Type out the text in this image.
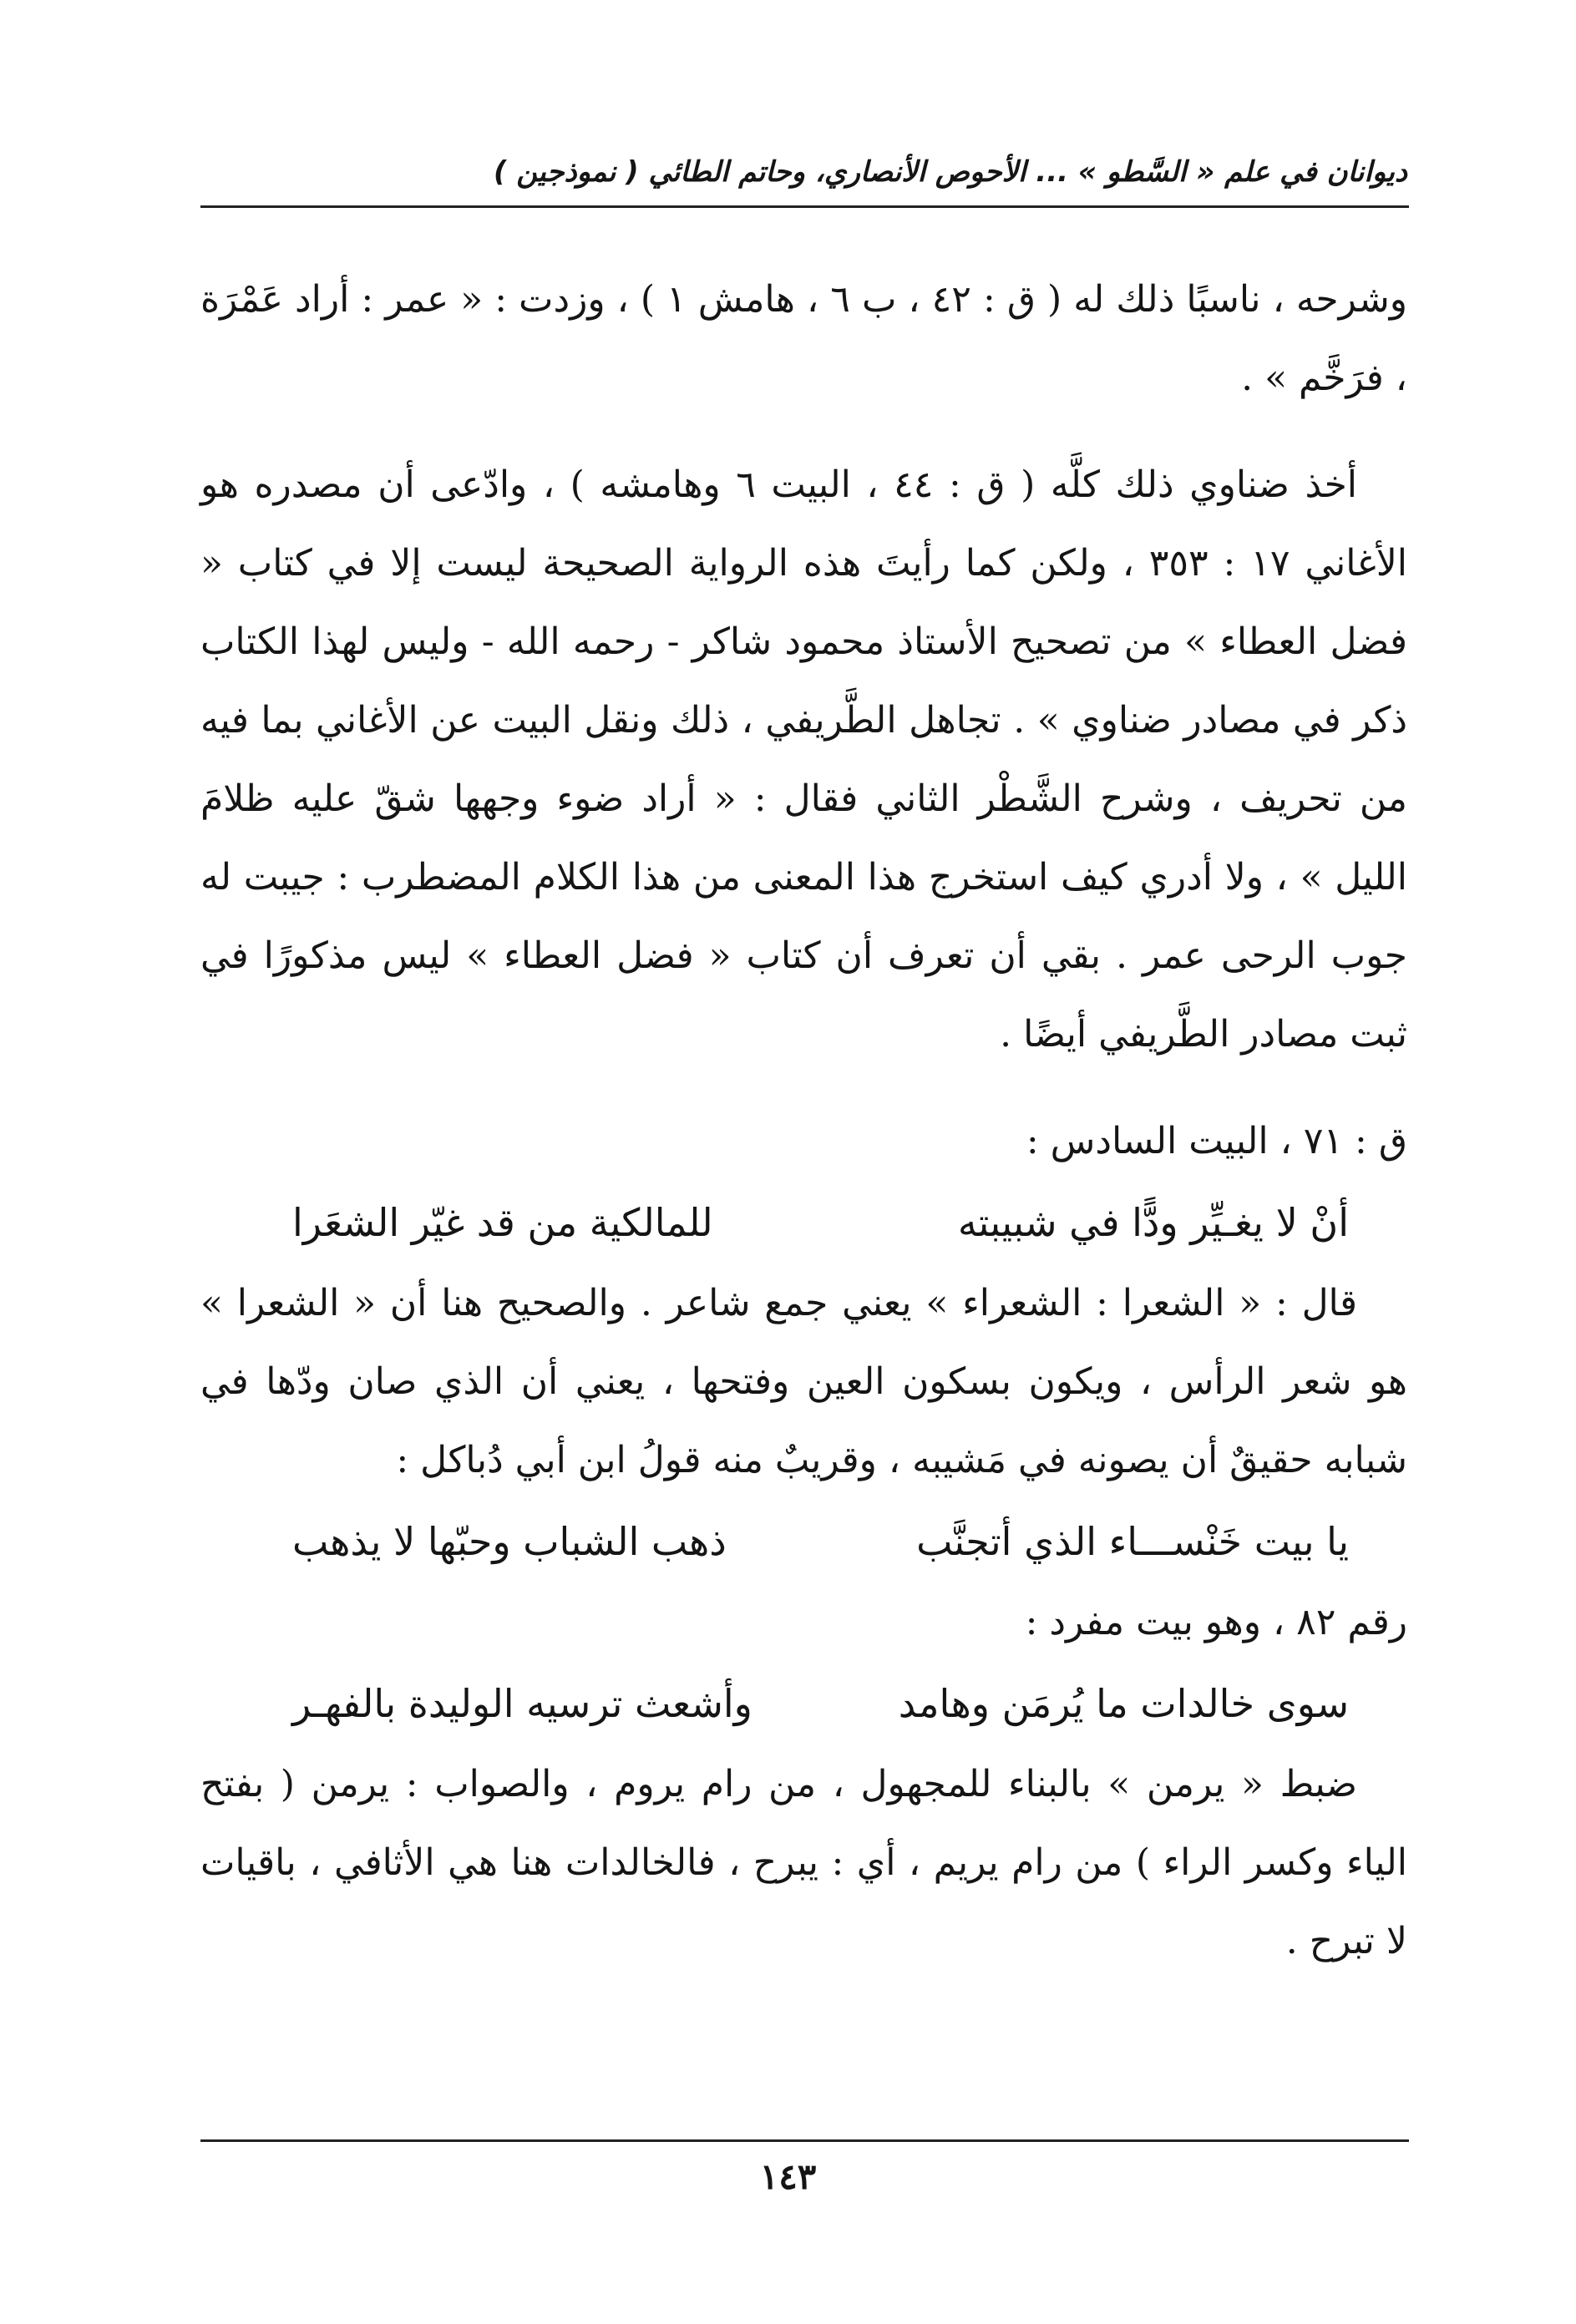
ديوانان في علم « السَّطو » ... الأحوص الأنصاري، وحاتم الطائي ( نموذجين )

وشرحه ، ناسبًا ذلك له ( ق : ٤٢ ، ب ٦ ، هامش ١ ) ، وزدت : « عمر : أراد عَمْرَة ، فرَخَّم » .

أخذ ضناوي ذلك كلَّه ( ق : ٤٤ ، البيت ٦ وهامشه ) ، وادّعى أن مصدره هو الأغاني ١٧ : ٣٥٣ ، ولكن كما رأيتَ هذه الرواية الصحيحة ليست إلا في كتاب « فضل العطاء » من تصحيح الأستاذ محمود شاكر - رحمه الله - وليس لهذا الكتاب ذكر في مصادر ضناوي » . تجاهل الطَّريفي ، ذلك ونقل البيت عن الأغاني بما فيه من تحريف ، وشرح الشَّطْر الثاني فقال : « أراد ضوء وجهها شقّ عليه ظلامَ الليل » ، ولا أدري كيف استخرج هذا المعنى من هذا الكلام المضطرب : جيبت له جوب الرحى عمر . بقي أن تعرف أن كتاب « فضل العطاء » ليس مذكورًا في ثبت مصادر الطَّريفي أيضًا .

ق : ٧١ ، البيت السادس :

أنْ لا يغـيِّر ودًّا في شبيبته
للمالكية من قد غيّر الشعَرا

قال : « الشعرا : الشعراء » يعني جمع شاعر . والصحيح هنا أن « الشعرا » هو شعر الرأس ، ويكون بسكون العين وفتحها ، يعني أن الذي صان ودّها في شبابه حقيقٌ أن يصونه في مَشيبه ، وقريبٌ منه قولُ ابن أبي دُباكل :

يا بيت خَنْســـاء الذي أتجنَّب
ذهب الشباب وحبّها لا يذهب

رقم ٨٢ ، وهو بيت مفرد :

سوى خالدات ما يُرمَن وهامد
وأشعث ترسيه الوليدة بالفهـر

ضبط « يرمن » بالبناء للمجهول ، من رام يروم ، والصواب : يرمن ( بفتح الياء وكسر الراء ) من رام يريم ، أي : يبرح ، فالخالدات هنا هي الأثافي ، باقيات لا تبرح .

١٤٣
